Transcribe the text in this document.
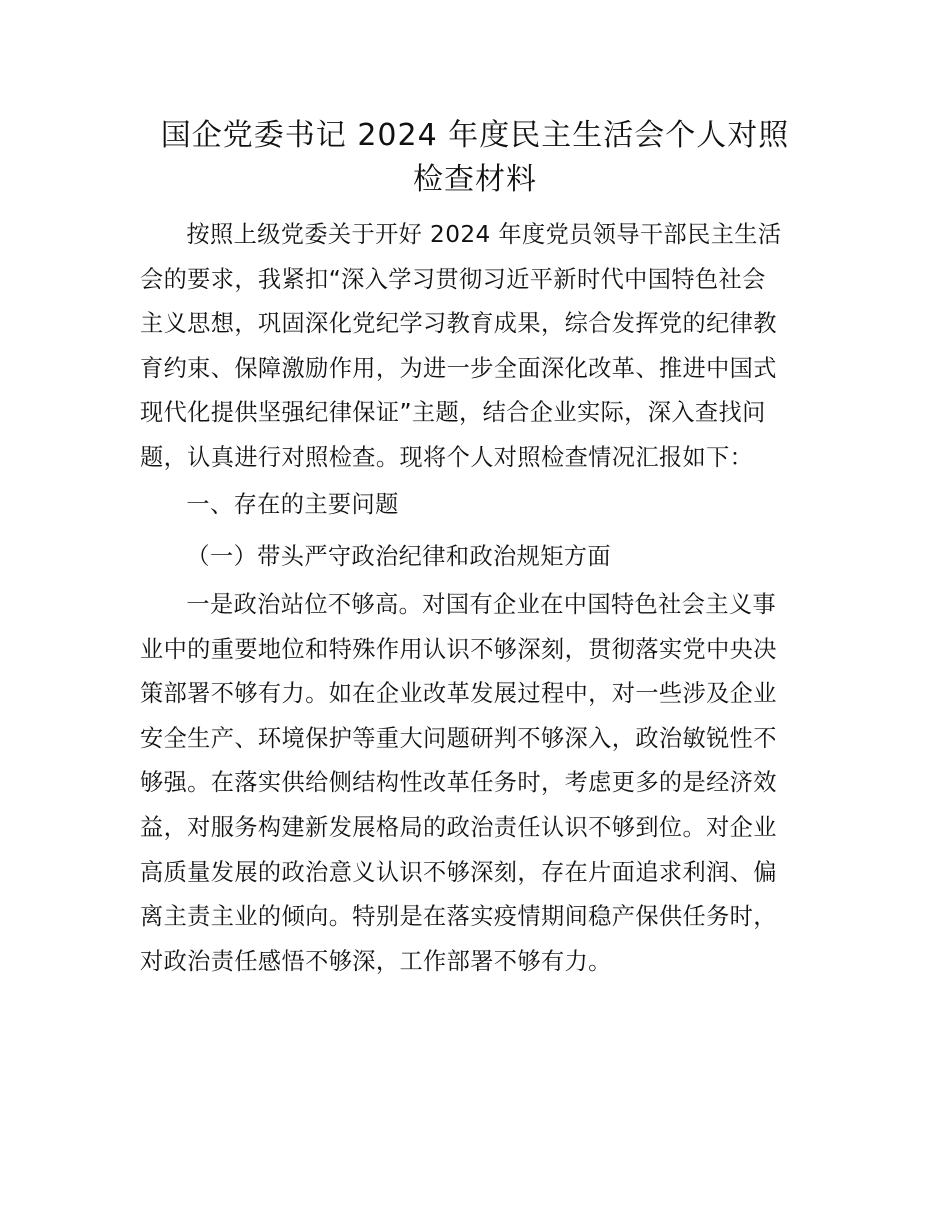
国企党委书记 2024 年度民主生活会个人对照
检查材料

按照上级党委关于开好 2024 年度党员领导干部民主生活
会的要求，我紧扣“深入学习贯彻习近平新时代中国特色社会
主义思想，巩固深化党纪学习教育成果，综合发挥党的纪律教
育约束、保障激励作用，为进一步全面深化改革、推进中国式
现代化提供坚强纪律保证”主题，结合企业实际，深入查找问
题，认真进行对照检查。现将个人对照检查情况汇报如下：

一、存在的主要问题

（一）带头严守政治纪律和政治规矩方面

一是政治站位不够高。对国有企业在中国特色社会主义事
业中的重要地位和特殊作用认识不够深刻，贯彻落实党中央决
策部署不够有力。如在企业改革发展过程中，对一些涉及企业
安全生产、环境保护等重大问题研判不够深入，政治敏锐性不
够强。在落实供给侧结构性改革任务时，考虑更多的是经济效
益，对服务构建新发展格局的政治责任认识不够到位。对企业
高质量发展的政治意义认识不够深刻，存在片面追求利润、偏
离主责主业的倾向。特别是在落实疫情期间稳产保供任务时，
对政治责任感悟不够深，工作部署不够有力。
